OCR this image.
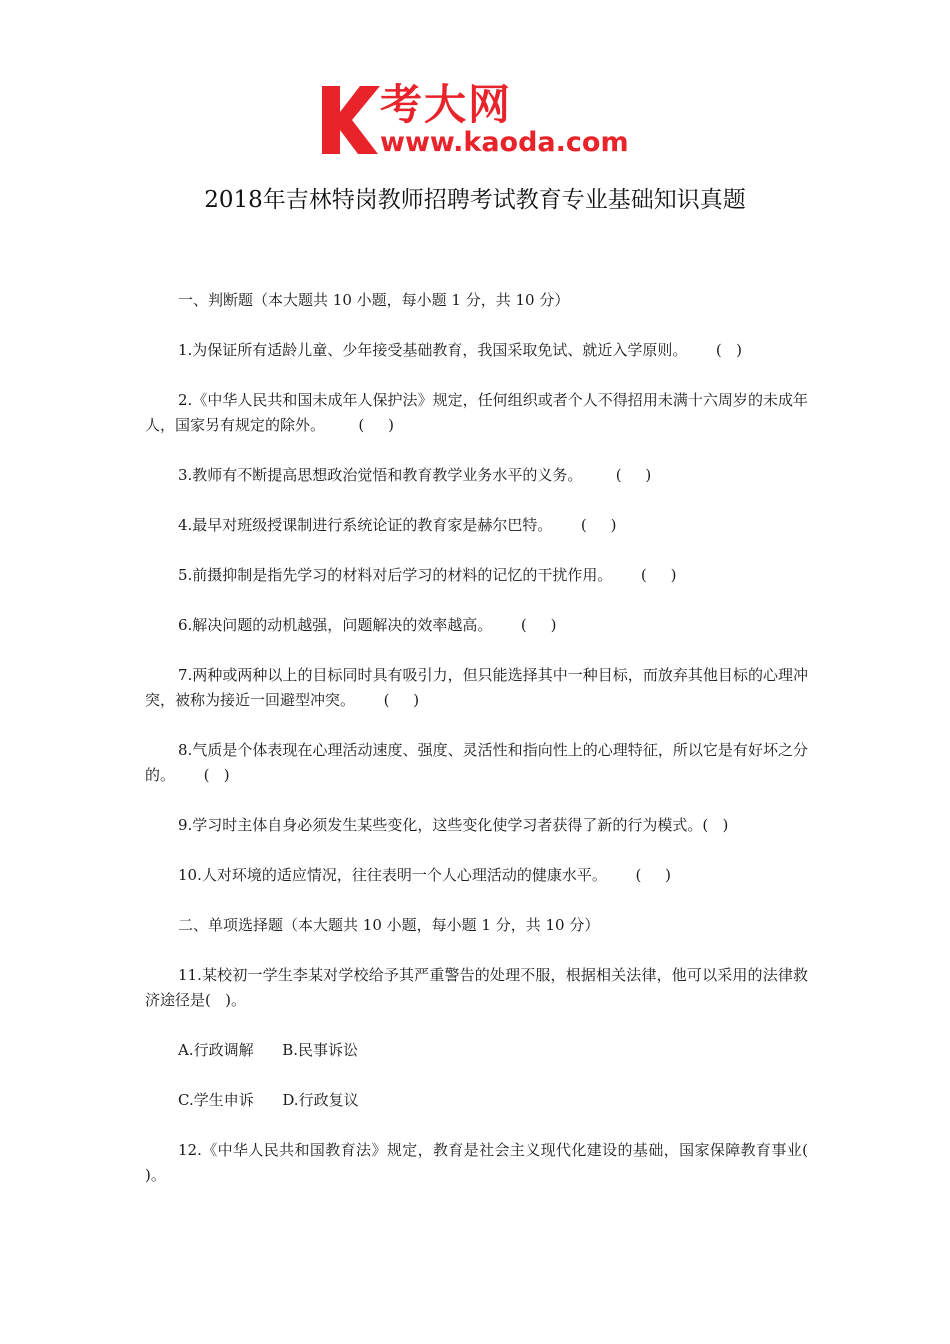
考大网
www.kaoda.com
2018年吉林特岗教师招聘考试教育专业基础知识真题

一、判断题（本大题共 10 小题，每小题 1 分，共 10 分）

1.为保证所有适龄儿童、少年接受基础教育，我国采取免试、就近入学原则。      (   )

2.《中华人民共和国未成年人保护法》规定，任何组织或者个人不得招用未满十六周岁的未成年人，国家另有规定的除外。       (     )

3.教师有不断提高思想政治觉悟和教育教学业务水平的义务。       (     )

4.最早对班级授课制进行系统论证的教育家是赫尔巴特。      (     )

5.前摄抑制是指先学习的材料对后学习的材料的记忆的干扰作用。      (     )

6.解决问题的动机越强，问题解决的效率越高。      (     )

7.两种或两种以上的目标同时具有吸引力，但只能选择其中一种目标，而放弃其他目标的心理冲突，被称为接近一回避型冲突。      (     )

8.气质是个体表现在心理活动速度、强度、灵活性和指向性上的心理特征，所以它是有好坏之分的。      (   )

9.学习时主体自身必须发生某些变化，这些变化使学习者获得了新的行为模式。(   )

10.人对环境的适应情况，往往表明一个人心理活动的健康水平。      (     )

二、单项选择题（本大题共 10 小题，每小题 1 分，共 10 分）

11.某校初一学生李某对学校给予其严重警告的处理不服，根据相关法律，他可以采用的法律救济途径是(   )。

A.行政调解      B.民事诉讼

C.学生申诉      D.行政复议

12.《中华人民共和国教育法》规定，教育是社会主义现代化建设的基础，国家保障教育事业(   )。
